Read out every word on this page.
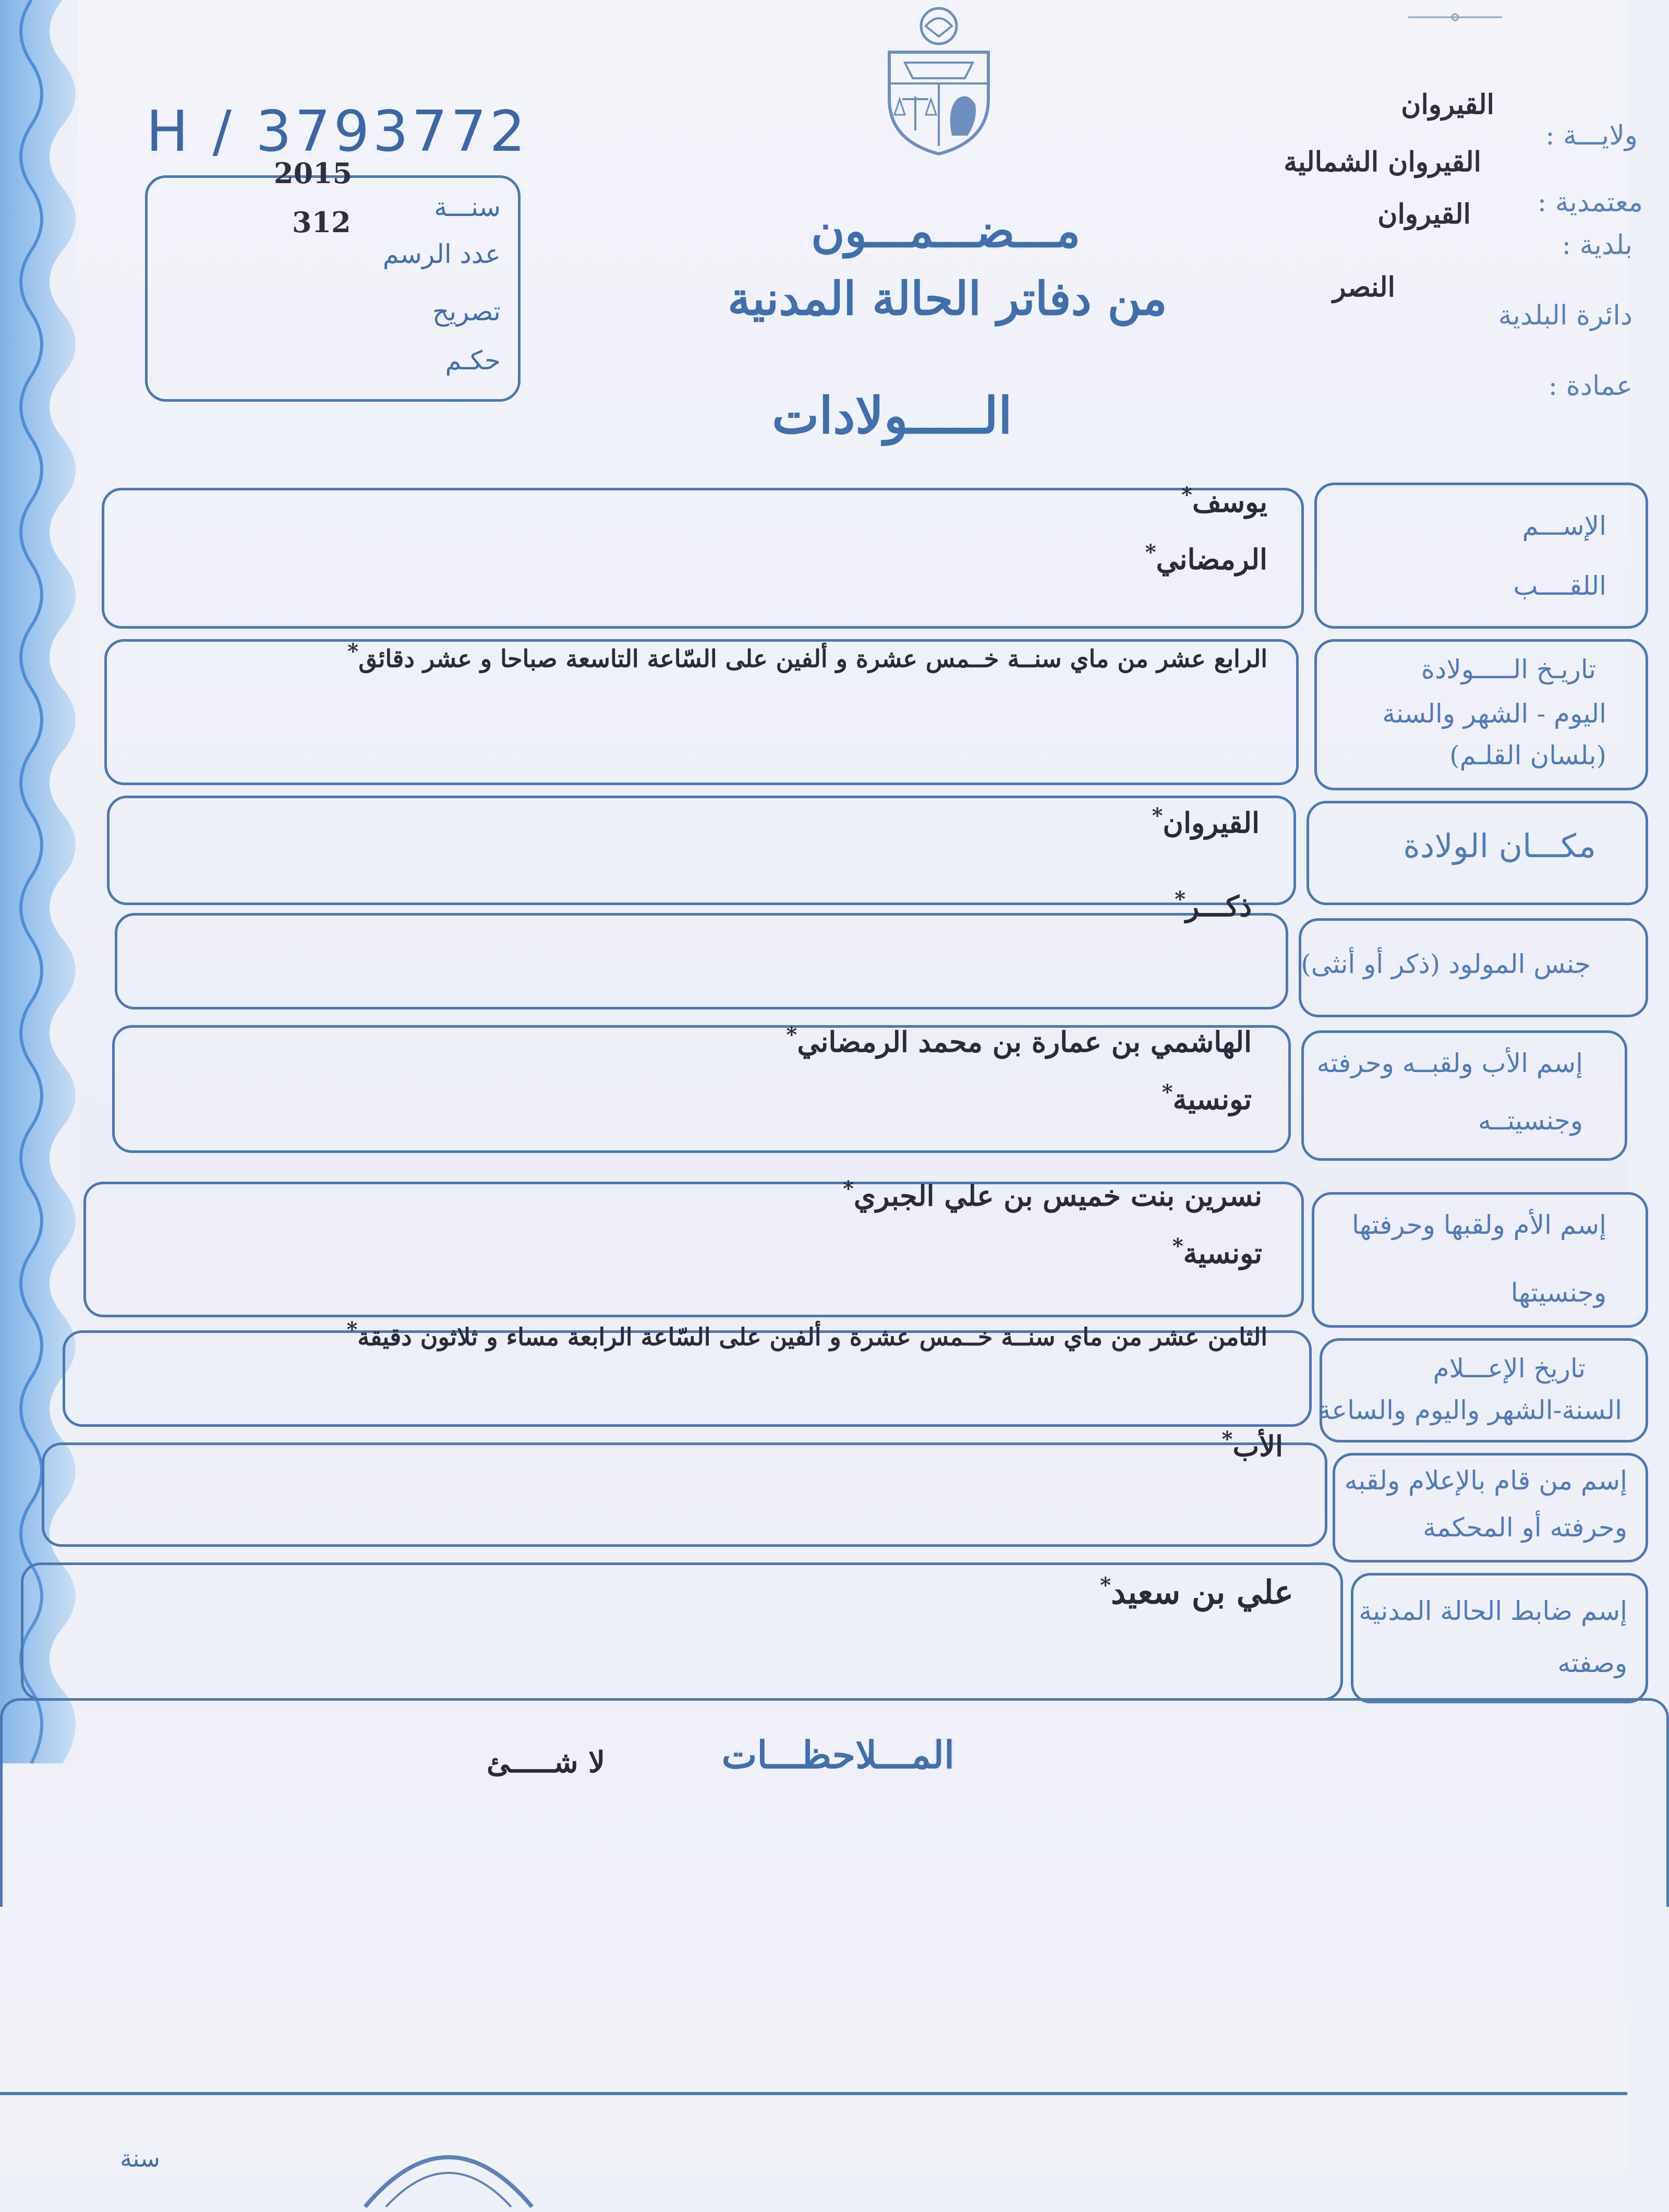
H / 3793772
2015
سنـــة
312
عدد الرسم
تصريح
حكـم
مـــضـــمـــون
من دفاتر الحالة المدنية
الـــــولادات
ولايـــة :
القيروان
القيروان الشمالية
معتمدية :
القيروان
بلدية :
النصر
دائرة البلدية
عمادة :
الإســـم
اللقــــب
يوسف*
الرمضاني*
تاريـخ الـــــولادة
اليوم - الشهر والسنة
(بلسان القلـم)
الرابع عشر من ماي سنــة خــمس عشرة و ألفين على السّاعة التاسعة صباحا و عشر دقائق*
مكـــان الولادة
القيروان*
جنس المولود (ذكر أو أنثى)
ذكـــر*
إسم الأب ولقبــه وحرفته
وجنسيتــه
الهاشمي بن عمارة بن محمد الرمضاني*
تونسية*
إسم الأم ولقبها وحرفتها
وجنسيتها
نسرين بنت خميس بن علي الجبري*
تونسية*
تاريخ الإعـــلام
السنة-الشهر واليوم والساعة
الثامن عشر من ماي سنــة خــمس عشرة و ألفين على السّاعة الرابعة مساء و ثلاثون دقيقة*
إسم من قام بالإعلام ولقبه
وحرفته أو المحكمة
الأب*
إسم ضابط الحالة المدنية
وصفته
علي بن سعيد*
المـــلاحظـــات
لا شـــــئ
سنة
